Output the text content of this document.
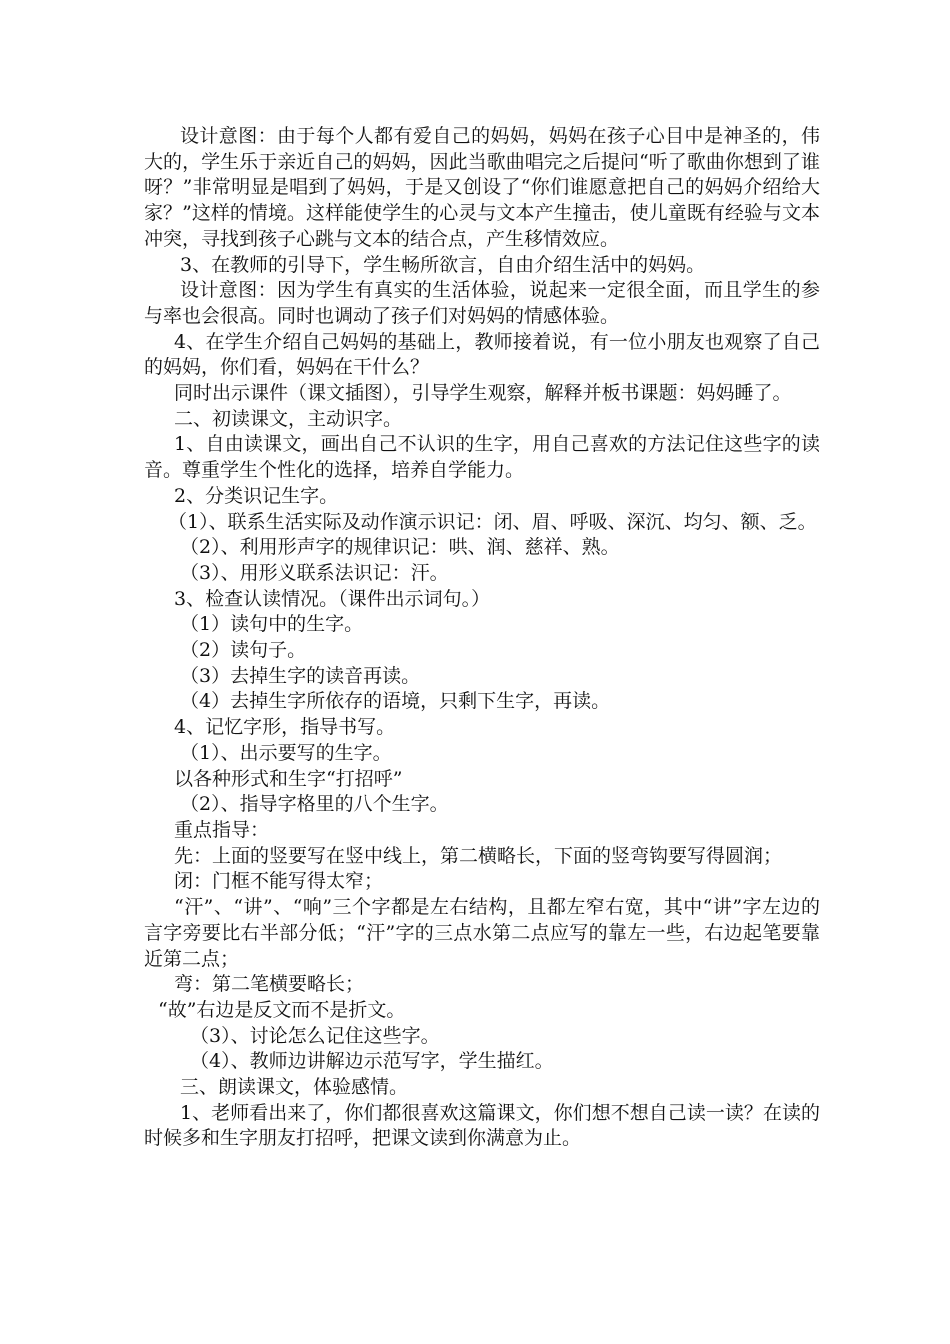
设计意图：由于每个人都有爱自己的妈妈，妈妈在孩子心目中是神圣的，伟大的，学生乐于亲近自己的妈妈，因此当歌曲唱完之后提问“听了歌曲你想到了谁呀？”非常明显是唱到了妈妈，于是又创设了“你们谁愿意把自己的妈妈介绍给大家？”这样的情境。这样能使学生的心灵与文本产生撞击，使儿童既有经验与文本冲突，寻找到孩子心跳与文本的结合点，产生移情效应。

3、在教师的引导下，学生畅所欲言，自由介绍生活中的妈妈。

设计意图：因为学生有真实的生活体验，说起来一定很全面，而且学生的参与率也会很高。同时也调动了孩子们对妈妈的情感体验。

4、在学生介绍自己妈妈的基础上，教师接着说，有一位小朋友也观察了自己的妈妈，你们看，妈妈在干什么？

同时出示课件（课文插图），引导学生观察，解释并板书课题：妈妈睡了。

二、初读课文，主动识字。

1、自由读课文，画出自己不认识的生字，用自己喜欢的方法记住这些字的读音。尊重学生个性化的选择，培养自学能力。

2、分类识记生字。

（1）、联系生活实际及动作演示识记：闭、眉、呼吸、深沉、均匀、额、乏。

（2）、利用形声字的规律识记：哄、润、慈祥、熟。

（3）、用形义联系法识记：汗。

3、检查认读情况。（课件出示词句。）

（1）读句中的生字。

（2）读句子。

（3）去掉生字的读音再读。

（4）去掉生字所依存的语境，只剩下生字，再读。

4、记忆字形，指导书写。

（1）、出示要写的生字。

以各种形式和生字“打招呼”

（2）、指导字格里的八个生字。

重点指导：

先：上面的竖要写在竖中线上，第二横略长，下面的竖弯钩要写得圆润；

闭：门框不能写得太窄；

“汗”、“讲”、“响”三个字都是左右结构，且都左窄右宽，其中“讲”字左边的言字旁要比右半部分低；“汗”字的三点水第二点应写的靠左一些，右边起笔要靠近第二点；

弯：第二笔横要略长；

“故”右边是反文而不是折文。

（3）、讨论怎么记住这些字。

（4）、教师边讲解边示范写字，学生描红。

三、朗读课文，体验感情。

1、老师看出来了，你们都很喜欢这篇课文，你们想不想自己读一读？在读的时候多和生字朋友打招呼，把课文读到你满意为止。
